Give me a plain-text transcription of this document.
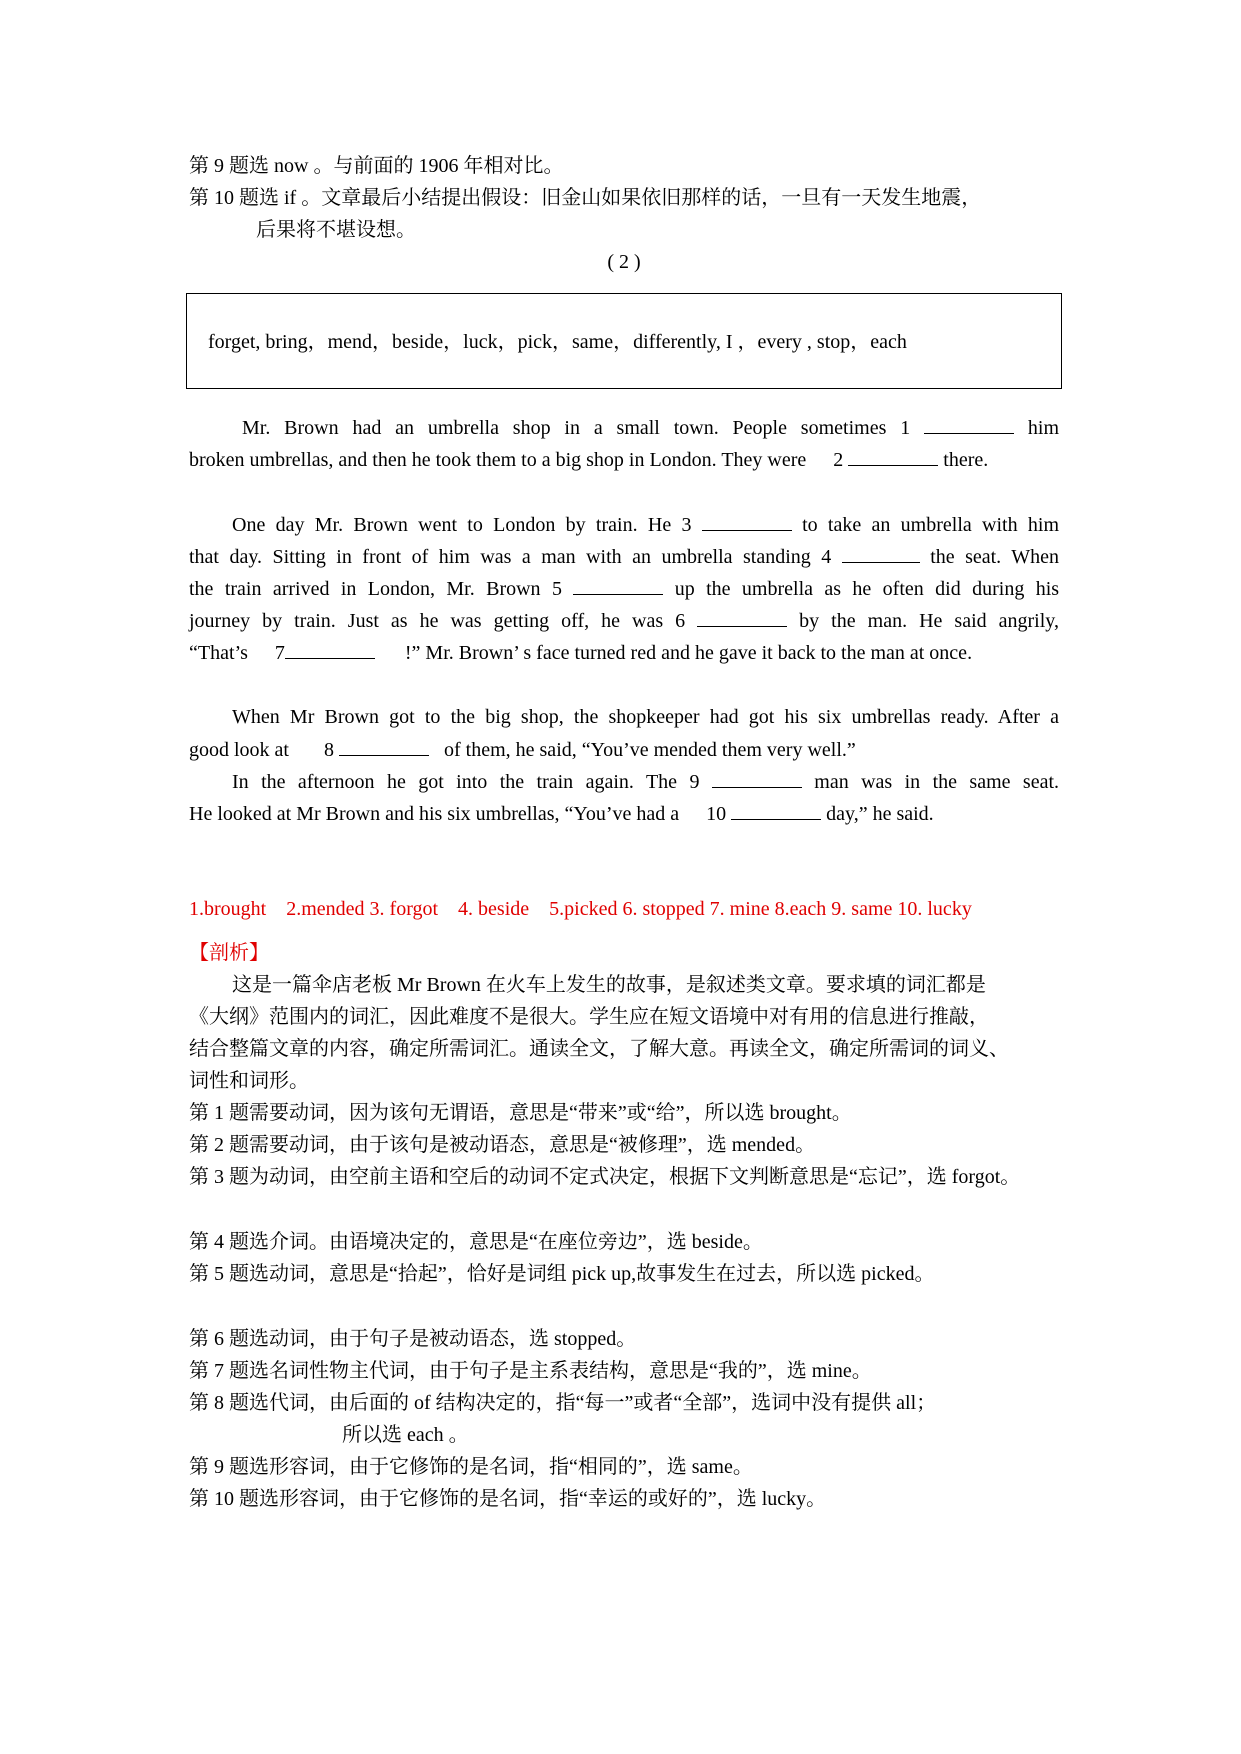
第 9 题选 now 。与前面的 1906 年相对比。
第 10 题选 if 。文章最后小结提出假设：旧金山如果依旧那样的话，一旦有一天发生地震，
后果将不堪设想。
( 2 )
forget, bring，mend，beside，luck，pick，same，differently, I ，every , stop，each
Mr. Brown had an umbrella shop in a small town. People sometimes 1	him
broken umbrellas, and then he took them to a big shop in London. They were 2	there.
One day Mr. Brown went to London by train. He 3	to take an umbrella with him
that day. Sitting in front of him was a man with an umbrella standing 4	the seat. When
the train arrived in London, Mr. Brown 5	up the umbrella as he often did during his
journey by train. Just as he was getting off, he was 6	by the man. He said angrily,
“That’s 7	!” Mr. Brown’ s face turned red and he gave it back to the man at once.
When Mr Brown got to the big shop, the shopkeeper had got his six umbrellas ready. After a
good look at 8	of them, he said, “You’ve mended them very well.”
In the afternoon he got into the train again. The 9	man was in the same seat.
He looked at Mr Brown and his six umbrellas, “You’ve had a 10	day,” he said.
1.brought    2.mended 3. forgot    4. beside    5.picked 6. stopped 7. mine 8.each 9. same 10. lucky
【剖析】
这是一篇伞店老板 Mr Brown 在火车上发生的故事，是叙述类文章。要求填的词汇都是
《大纲》范围内的词汇，因此难度不是很大。学生应在短文语境中对有用的信息进行推敲，
结合整篇文章的内容，确定所需词汇。通读全文，了解大意。再读全文，确定所需词的词义、
词性和词形。
第 1 题需要动词，因为该句无谓语，意思是“带来”或“给”，所以选 brought。
第 2 题需要动词，由于该句是被动语态，意思是“被修理”，选 mended。
第 3 题为动词，由空前主语和空后的动词不定式决定，根据下文判断意思是“忘记”，选 forgot。
第 4 题选介词。由语境决定的，意思是“在座位旁边”，选 beside。
第 5 题选动词，意思是“拾起”，恰好是词组 pick up,故事发生在过去，所以选 picked。
第 6 题选动词，由于句子是被动语态，选 stopped。
第 7 题选名词性物主代词，由于句子是主系表结构，意思是“我的”，选 mine。
第 8 题选代词，由后面的 of 结构决定的，指“每一”或者“全部”，选词中没有提供 all；
所以选 each 。
第 9 题选形容词，由于它修饰的是名词，指“相同的”，选 same。
第 10 题选形容词，由于它修饰的是名词，指“幸运的或好的”，选 lucky。
